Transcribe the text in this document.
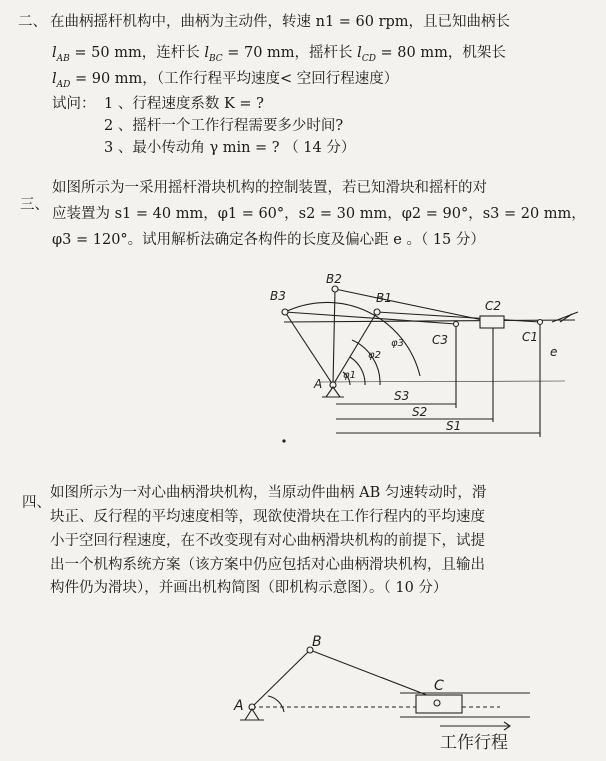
二、 在曲柄摇杆机构中，曲柄为主动件，转速 n1 = 60 rpm，且已知曲柄长
$l_{AB} = 50$ mm，连杆长 $l_{BC} = 70$ mm，摇杆长 $l_{CD} = 80$ mm，机架长
$l_{AD} = 90$ mm，（工作行程平均速度< 空回行程速度）
试问： 1 、行程速度系数 K = ?
2 、摇杆一个工作行程需要多少时间?
3 、最小传动角 γ min = ? （ 14 分）
三、
如图所示为一采用摇杆滑块机构的控制装置，若已知滑块和摇杆的对
应装置为 s1 = 40 mm，φ1 = 60°，s2 = 30 mm，φ2 = 90°，s3 = 20 mm，
φ3 = 120°。试用解析法确定各构件的长度及偏心距 e 。（ 15 分）
B3
B2
B1
C2
C3	C1
A
e
S3
S2
S1
φ1
φ2
φ3
A
B
C
工作行程
四、
如图所示为一对心曲柄滑块机构，当原动件曲柄 AB 匀速转动时，滑
块正、反行程的平均速度相等，现欲使滑块在工作行程内的平均速度
小于空回行程速度，在不改变现有对心曲柄滑块机构的前提下，试提
出一个机构系统方案（该方案中仍应包括对心曲柄滑块机构，且输出
构件仍为滑块），并画出机构简图（即机构示意图）。（ 10 分）
